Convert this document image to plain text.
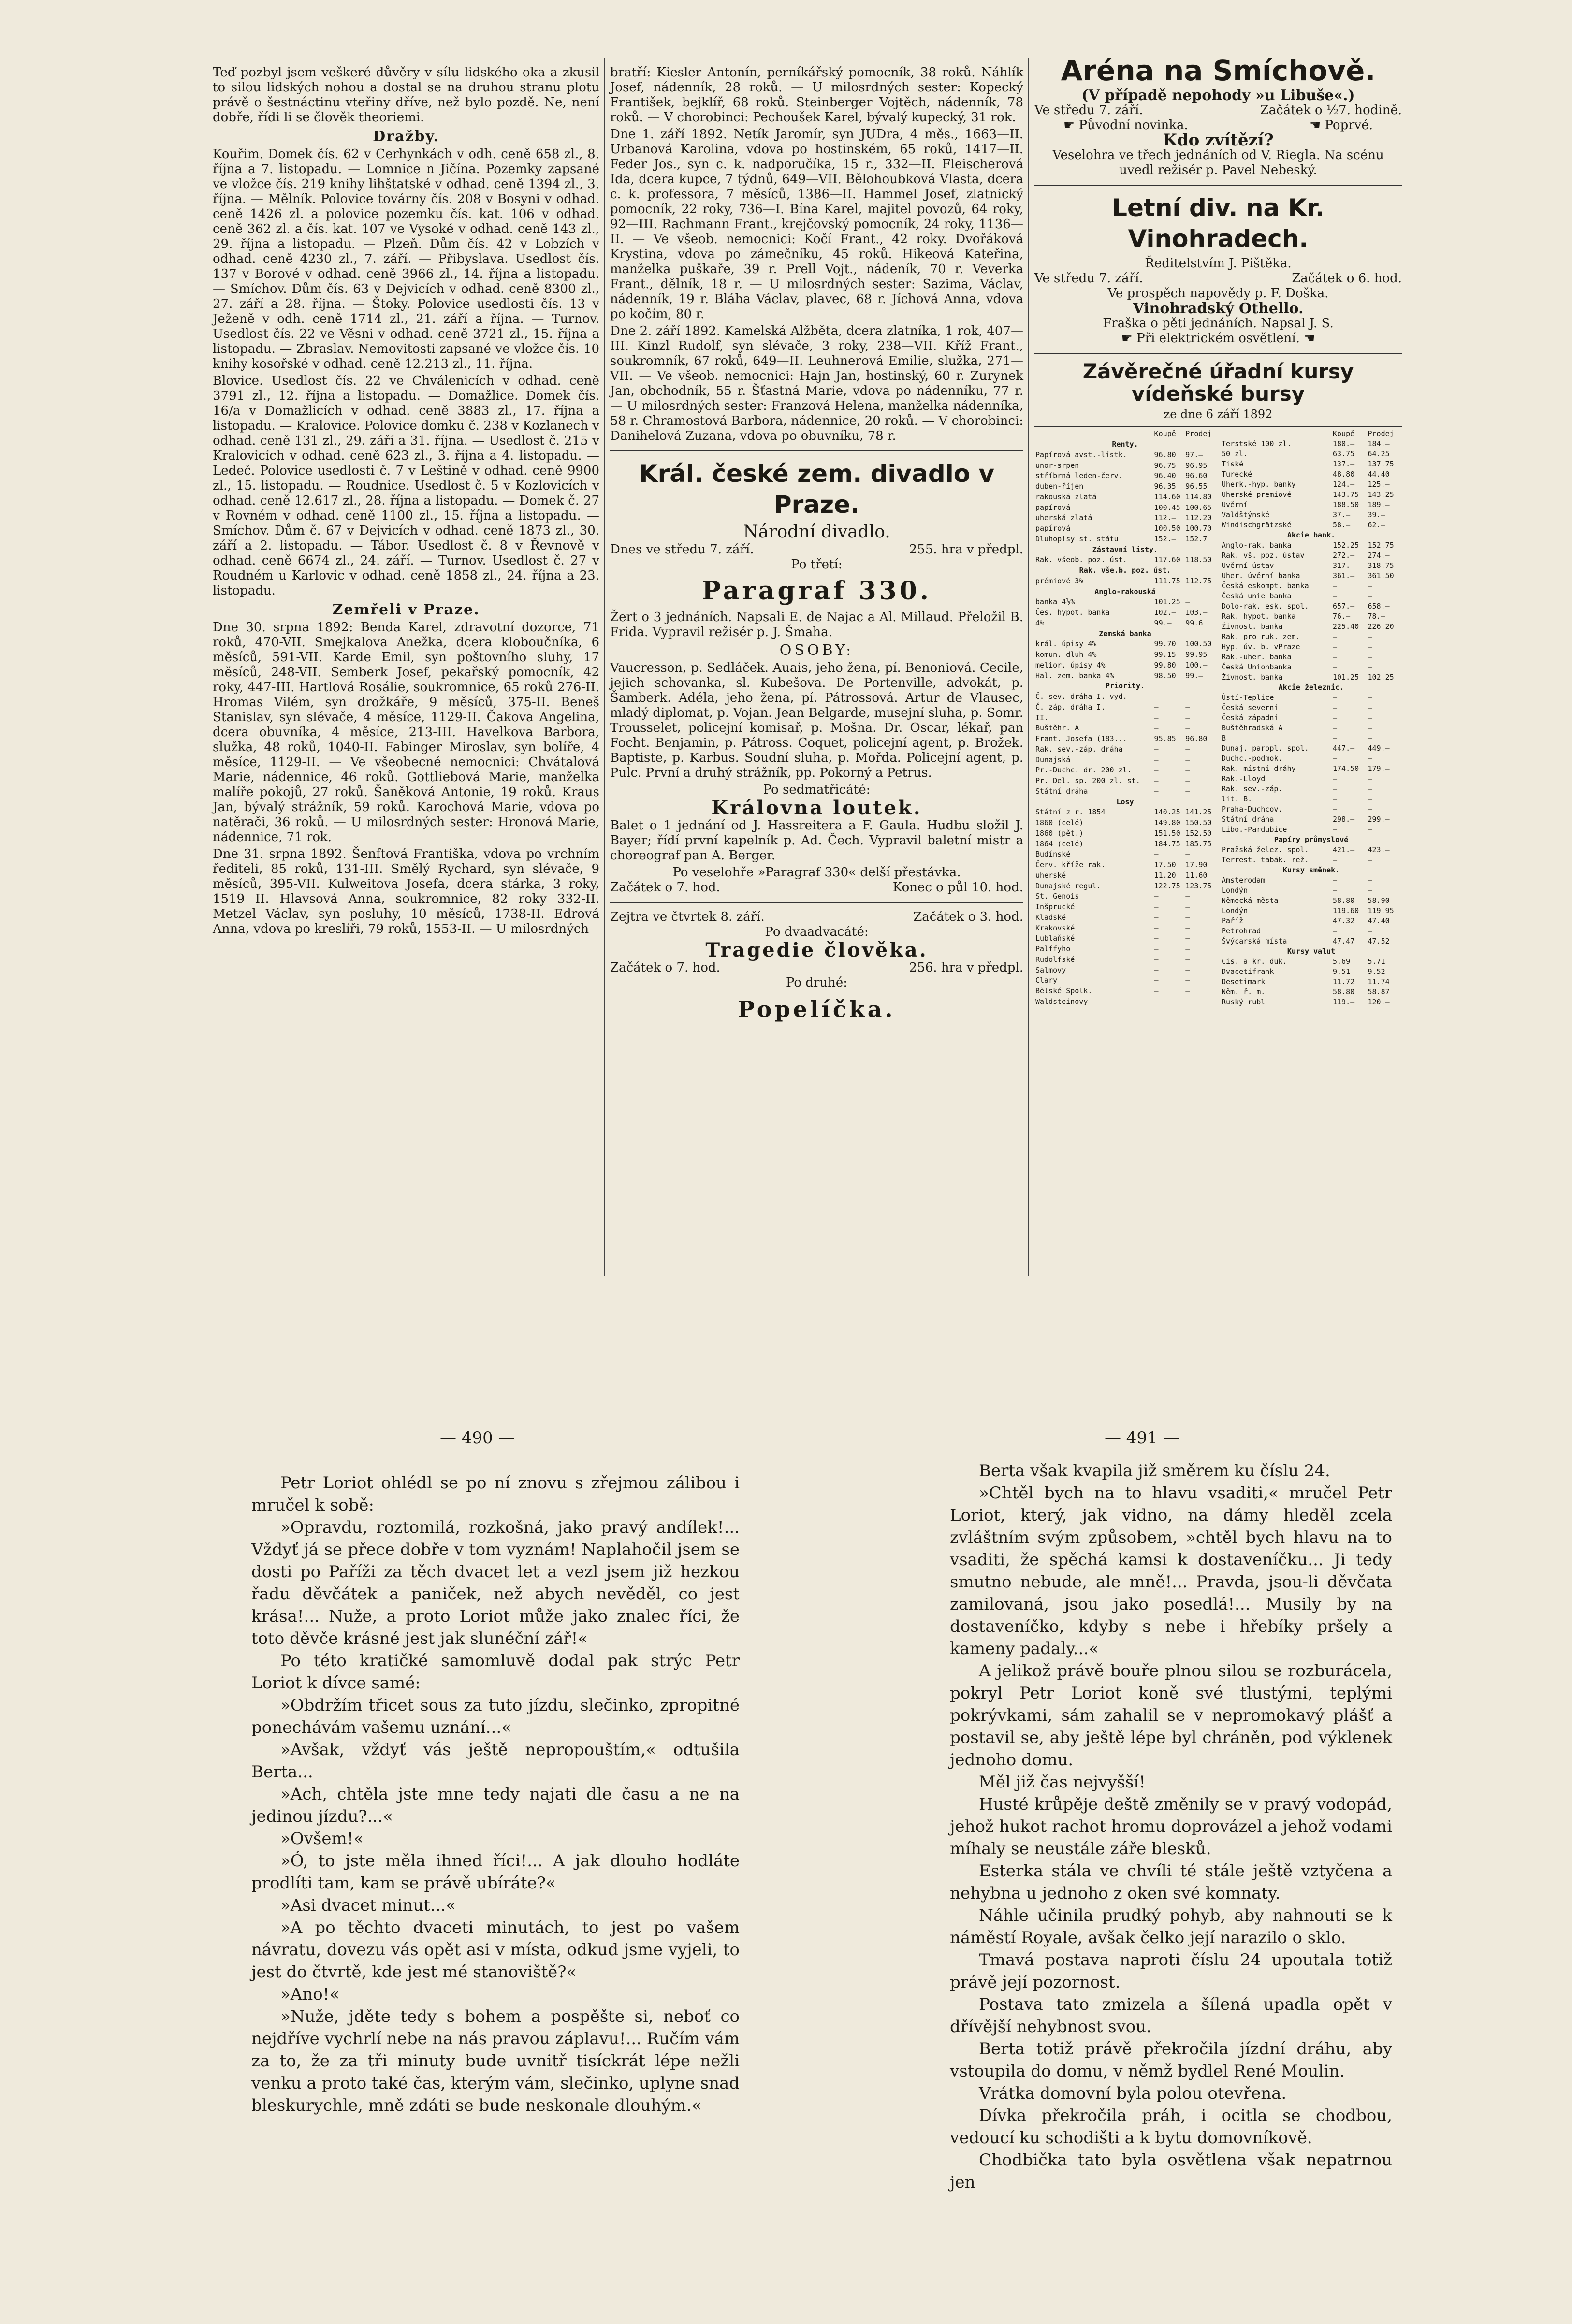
Teď pozbyl jsem veškeré důvěry v sílu lidského oka a zkusil to silou lidských nohou a dostal se na druhou stranu plotu právě o šestnáctinu vteřiny dříve, než bylo pozdě. Ne, není dobře, řídi li se člověk theoriemi.

Dražby.

Kouřim. Domek čís. 62 v Cerhynkách v odh. ceně 658 zl., 8. října a 7. listopadu. — Lomnice n Jičína. Pozemky zapsané ve vložce čís. 219 knihy lihštatské v odhad. ceně 1394 zl., 3. října. — Mělník. Polovice továrny čís. 208 v Bosyni v odhad. ceně 1426 zl. a polovice pozemku čís. kat. 106 v odhad. ceně 362 zl. a čís. kat. 107 ve Vysoké v odhad. ceně 143 zl., 29. října a listopadu. — Plzeň. Dům čís. 42 v Lobzích v odhad. ceně 4230 zl., 7. září. — Přibyslava. Usedlost čís. 137 v Borové v odhad. ceně 3966 zl., 14. října a listopadu. — Smíchov. Dům čís. 63 v Dejvicích v odhad. ceně 8300 zl., 27. září a 28. října. — Štoky. Polovice usedlosti čís. 13 v Ježeně v odh. ceně 1714 zl., 21. září a října. — Turnov. Usedlost čís. 22 ve Věsni v odhad. ceně 3721 zl., 15. října a listopadu. — Zbraslav. Nemovitosti zapsané ve vložce čís. 10 knihy kosořské v odhad. ceně 12.213 zl., 11. října.

Blovice. Usedlost čís. 22 ve Chválenicích v odhad. ceně 3791 zl., 12. října a listopadu. — Domažlice. Domek čís. 16/a v Domažlicích v odhad. ceně 3883 zl., 17. října a listopadu. — Kralovice. Polovice domku č. 238 v Kozlanech v odhad. ceně 131 zl., 29. září a 31. října. — Usedlost č. 215 v Kralovicích v odhad. ceně 623 zl., 3. října a 4. listopadu. — Ledeč. Polovice usedlosti č. 7 v Leštině v odhad. ceně 9900 zl., 15. listopadu. — Roudnice. Usedlost č. 5 v Kozlovicích v odhad. ceně 12.617 zl., 28. října a listopadu. — Domek č. 27 v Rovném v odhad. ceně 1100 zl., 15. října a listopadu. — Smíchov. Dům č. 67 v Dejvicích v odhad. ceně 1873 zl., 30. září a 2. listopadu. — Tábor. Usedlost č. 8 v Řevnově v odhad. ceně 6674 zl., 24. září. — Turnov. Usedlost č. 27 v Roudném u Karlovic v odhad. ceně 1858 zl., 24. října a 23. listopadu.

Zemřeli v Praze.

Dne 30. srpna 1892: Benda Karel, zdravotní dozorce, 71 roků, 470-VII. Smejkalova Anežka, dcera kloboučníka, 6 měsíců, 591-VII. Karde Emil, syn poštovního sluhy, 17 měsíců, 248-VII. Semberk Josef, pekařský pomocník, 42 roky, 447-III. Hartlová Rosálie, soukromnice, 65 roků 276-II. Hromas Vilém, syn drožkáře, 9 měsíců, 375-II. Beneš Stanislav, syn slévače, 4 měsíce, 1129-II. Čakova Angelina, dcera obuvníka, 4 měsíce, 213-III. Havelkova Barbora, služka, 48 roků, 1040-II. Fabinger Miroslav, syn bolíře, 4 měsíce, 1129-II. — Ve všeobecné nemocnici: Chvátalová Marie, nádennice, 46 roků. Gottliebová Marie, manželka malíře pokojů, 27 roků. Šaněková Antonie, 19 roků. Kraus Jan, bývalý strážník, 59 roků. Karochová Marie, vdova po natěrači, 36 roků. — U milosrdných sester: Hronová Marie, nádennice, 71 rok.

Dne 31. srpna 1892. Šenftová Františka, vdova po vrchním řediteli, 85 roků, 131-III. Smělý Rychard, syn slévače, 9 měsíců, 395-VII. Kulweitova Josefa, dcera stárka, 3 roky, 1519 II. Hlavsová Anna, soukromnice, 82 roky 332-II. Metzel Václav, syn posluhy, 10 měsíců, 1738-II. Edrová Anna, vdova po kreslíři, 79 roků, 1553-II. — U milosrdných

bratří: Kiesler Antonín, perníkářský pomocník, 38 roků. Náhlík Josef, nádenník, 28 roků. — U milosrdných sester: Kopecký František, bejklíř, 68 roků. Steinberger Vojtěch, nádenník, 78 roků. — V chorobinci: Pechoušek Karel, bývalý kupecký, 31 rok.

Dne 1. září 1892. Netík Jaromír, syn JUDra, 4 měs., 1663—II. Urbanová Karolina, vdova po hostinském, 65 roků, 1417—II. Feder Jos., syn c. k. nadporučíka, 15 r., 332—II. Fleischerová Ida, dcera kupce, 7 týdnů, 649—VII. Bělohoubková Vlasta, dcera c. k. professora, 7 měsíců, 1386—II. Hammel Josef, zlatnický pomocník, 22 roky, 736—I. Bína Karel, majitel povozů, 64 roky, 92—III. Rachmann Frant., krejčovský pomocník, 24 roky, 1136—II. — Ve všeob. nemocnici: Kočí Frant., 42 roky. Dvořáková Krystina, vdova po zámečníku, 45 roků. Hikeová Kateřina, manželka puškaře, 39 r. Prell Vojt., nádeník, 70 r. Veverka Frant., dělník, 18 r. — U milosrdných sester: Sazima, Václav, nádenník, 19 r. Bláha Václav, plavec, 68 r. Jíchová Anna, vdova po kočím, 80 r.

Dne 2. září 1892. Kamelská Alžběta, dcera zlatníka, 1 rok, 407—III. Kinzl Rudolf, syn slévače, 3 roky, 238—VII. Kříž Frant., soukromník, 67 roků, 649—II. Leuhnerová Emilie, služka, 271—VII. — Ve všeob. nemocnici: Hajn Jan, hostinský, 60 r. Zurynek Jan, obchodník, 55 r. Šťastná Marie, vdova po nádenníku, 77 r. — U milosrdných sester: Franzová Helena, manželka nádenníka, 58 r. Chramostová Barbora, nádennice, 20 roků. — V chorobinci: Danihelová Zuzana, vdova po obuvníku, 78 r.

Král. české zem. divadlo v Praze.
Národní divadlo.
Dnes ve středu 7. září.	255. hra v předpl.
Po třetí:
Paragraf 330.

Žert o 3 jednáních. Napsali E. de Najac a Al. Millaud. Přeložil B. Frida. Vypravil režisér p. J. Šmaha.

OSOBY:

Vaucresson, p. Sedláček. Auais, jeho žena, pí. Benoniová. Cecile, jejich schovanka, sl. Kubešova. De Portenville, advokát, p. Šamberk. Adéla, jeho žena, pí. Pátrossová. Artur de Vlausec, mladý diplomat, p. Vojan. Jean Belgarde, musejní sluha, p. Somr. Trousselet, policejní komisař, p. Mošna. Dr. Oscar, lékař, pan Focht. Benjamin, p. Pátross. Coquet, policejní agent, p. Brožek. Baptiste, p. Karbus. Soudní sluha, p. Mořda. Policejní agent, p. Pulc. První a druhý strážník, pp. Pokorný a Petrus.

Po sedmatřicáté:
Královna loutek.

Balet o 1 jednání od J. Hassreitera a F. Gaula. Hudbu složil J. Bayer; řídí první kapelník p. Ad. Čech. Vypravil baletní mistr a choreograf pan A. Berger.

Po veselohře »Paragraf 330« delší přestávka.
Začátek o 7. hod.	Konec o půl 10. hod.
Zejtra ve čtvrtek 8. září.	Začátek o 3. hod.
Po dvaadvacáté:
Tragedie člověka.
Začátek o 7. hod.	256. hra v předpl.
Po druhé:
Popelíčka.
Aréna na Smíchově.
(V případě nepohody »u Libuše«.)
Ve středu 7. září.	Začátek o ½7. hodině.
☛ Původní novinka.	☚ Poprvé.
Kdo zvítězí?

Veselohra ve třech jednáních od V. Riegla. Na scénu uvedl režisér p. Pavel Nebeský.

Letní div. na Kr. Vinohradech.
Ředitelstvím J. Pištěka.
Ve středu 7. září.	Začátek o 6. hod.
Ve prospěch napovědy p. F. Doška.
Vinohradský Othello.
Fraška o pěti jednáních. Napsal J. S.
☛ Při elektrickém osvětlení. ☚
Závěrečné úřadní kursy vídeňské bursy
ze dne 6 září 1892
	Koupě	Prodej
Renty.		
Papírová avst.-lístk.	96.80	97.—
unor-srpen	96.75	96.95
stříbrná leden-červ.	96.40	96.60
duben-říjen	96.35	96.55
rakouská zlatá	114.60	114.80
papírová	100.45	100.65
uherská zlatá	112.—	112.20
papírová	100.50	100.70
Dluhopisy st. státu	152.—	152.7
Zástavní listy.		
Rak. všeob. poz. úst.	117.60	118.50
Rak. vše.b. poz. úst.		
prémiové 3%	111.75	112.75
Anglo-rakouská		
banka 4½%	101.25	—
Čes. hypot. banka	102.—	103.—
4%	99.—	99.6
Zemská banka		
král. úpisy 4%	99.70	100.50
komun. dluh 4%	99.15	99.95
melior. úpisy 4%	99.80	100.—
Hal. zem. banka 4%	98.50	99.—
Priority.		
Č. sev. dráha I. vyd.	—	—
Č. záp. dráha I.	—	—
II.	—	—
Buštěhr. A	—	—
Frant. Josefa (183...	95.85	96.80
Rak. sev.-záp. dráha	—	—
Dunajská	—	—
Pr.-Duchc. dr. 200 zl.	—	—
Pr. Del. sp. 200 zl. st.	—	—
Státní dráha	—	—
Losy		
Státní z r. 1854	140.25	141.25
1860 (celé)	149.80	150.50
1860 (pět.)	151.50	152.50
1864 (celé)	184.75	185.75
Budínské	—	—
Červ. kříže rak.	17.50	17.90
uherské	11.20	11.60
Dunajské regul.	122.75	123.75
St. Genois	—	—
Inšprucké	—	—
Kladské	—	—
Krakovské	—	—
Lublaňské	—	—
Palffyho	—	—
Rudolfské	—	—
Salmovy	—	—
Clary	—	—
Bělské Spolk.	—	—
Waldsteinovy	—	—
	Koupě	Prodej
Terstské 100 zl.	180.—	184.—
50 zl.	63.75	64.25
Tiské	137.—	137.75
Turecké	48.80	44.40
Uherk.-hyp. banky	124.—	125.—
Uherské premiové	143.75	143.25
Uvěrní	188.50	189.—
Valdštýnské	37.—	39.—
Windischgrätzské	58.—	62.—
Akcie bank.		
Anglo-rak. banka	152.25	152.75
Rak. vš. poz. ústav	272.—	274.—
Uvěrní ústav	317.—	318.75
Uher. úvěrní banka	361.—	361.50
Česká eskompt. banka	—	—
Česká unie banka	—	—
Dolo-rak. esk. spol.	657.—	658.—
Rak. hypot. banka	76.—	78.—
Živnost. banka	225.40	226.20
Rak. pro ruk. zem.	—	—
Hyp. úv. b. vPraze	—	—
Rak.-uher. banka	—	—
Česká Unionbanka	—	—
Živnost. banka	101.25	102.25
Akcie železnic.		
Ústí-Teplice	—	—
Česká severní	—	—
Česká západní	—	—
Buštěhradská A	—	—
B	—	—
Dunaj. paropl. spol.	447.—	449.—
Duchc.-podmok.	—	—
Rak. místní dráhy	174.50	179.—
Rak.-Lloyd	—	—
Rak. sev.-záp.	—	—
lit. B.	—	—
Praha-Duchcov.	—	—
Státní dráha	298.—	299.—
Libo.-Pardubice	—	—
Papíry průmyslové		
Pražská želez. spol.	421.—	423.—
Terrest. tabák. rež.	—	—
Kursy směnek.		
Amsterodam	—	—
Londýn	—	—
Německá města	58.80	58.90
Londýn	119.60	119.95
Paříž	47.32	47.40
Petrohrad	—	—
Švýcarská místa	47.47	47.52
Kursy valut		
Cis. a kr. duk.	5.69	5.71
Dvacetifrank	9.51	9.52
Desetimark	11.72	11.74
Něm. ř. m.	58.80	58.87
Ruský rubl	119.—	120.—
— 490 —	— 491 —

Petr Loriot ohlédl se po ní znovu s zřejmou zálibou i mručel k sobě:

»Opravdu, roztomilá, rozkošná, jako pravý andílek!... Vždyť já se přece dobře v tom vyznám! Naplahočil jsem se dosti po Paříži za těch dvacet let a vezl jsem již hezkou řadu děvčátek a paniček, než abych nevěděl, co jest krása!... Nuže, a proto Loriot může jako znalec říci, že toto děvče krásné jest jak slunéční zář!«

Po této kratičké samomluvě dodal pak strýc Petr Loriot k dívce samé:

»Obdržím třicet sous za tuto jízdu, slečinko, zpropitné ponechávám vašemu uznání...«

»Avšak, vždyť vás ještě nepropouštím,« odtušila Berta...

»Ach, chtěla jste mne tedy najati dle času a ne na jedinou jízdu?...«

»Ovšem!«

»Ó, to jste měla ihned říci!... A jak dlouho hodláte prodlíti tam, kam se právě ubíráte?«

»Asi dvacet minut...«

»A po těchto dvaceti minutách, to jest po vašem návratu, dovezu vás opět asi v místa, odkud jsme vyjeli, to jest do čtvrtě, kde jest mé stanoviště?«

»Ano!«

»Nuže, jděte tedy s bohem a pospěšte si, neboť co nejdříve vychrlí nebe na nás pravou záplavu!... Ručím vám za to, že za tři minuty bude uvnitř tisíckrát lépe nežli venku a proto také čas, kterým vám, slečinko, uplyne snad bleskurychle, mně zdáti se bude neskonale dlouhým.«

Berta však kvapila již směrem ku číslu 24.

»Chtěl bych na to hlavu vsaditi,« mručel Petr Loriot, který, jak vidno, na dámy hleděl zcela zvláštním svým způsobem, »chtěl bych hlavu na to vsaditi, že spěchá kamsi k dostaveníčku... Ji tedy smutno nebude, ale mně!... Pravda, jsou-li děvčata zamilovaná, jsou jako posedlá!... Musily by na dostaveníčko, kdyby s nebe i hřebíky pršely a kameny padaly...«

A jelikož právě bouře plnou silou se rozburácela, pokryl Petr Loriot koně své tlustými, teplými pokrývkami, sám zahalil se v nepromokavý plášť a postavil se, aby ještě lépe byl chráněn, pod výklenek jednoho domu.

Měl již čas nejvyšší!

Husté krůpěje deště změnily se v pravý vodopád, jehož hukot rachot hromu doprovázel a jehož vodami míhaly se neustále záře blesků.

Esterka stála ve chvíli té stále ještě vztyčena a nehybna u jednoho z oken své komnaty.

Náhle učinila prudký pohyb, aby nahnouti se k náměstí Royale, avšak čelko její narazilo o sklo.

Tmavá postava naproti číslu 24 upoutala totiž právě její pozornost.

Postava tato zmizela a šílená upadla opět v dřívější nehybnost svou.

Berta totiž právě překročila jízdní dráhu, aby vstoupila do domu, v němž bydlel René Moulin.

Vrátka domovní byla polou otevřena.

Dívka překročila práh, i ocitla se chodbou, vedoucí ku schodišti a k bytu domovníkově.

Chodbička tato byla osvětlena však nepatrnou jen
